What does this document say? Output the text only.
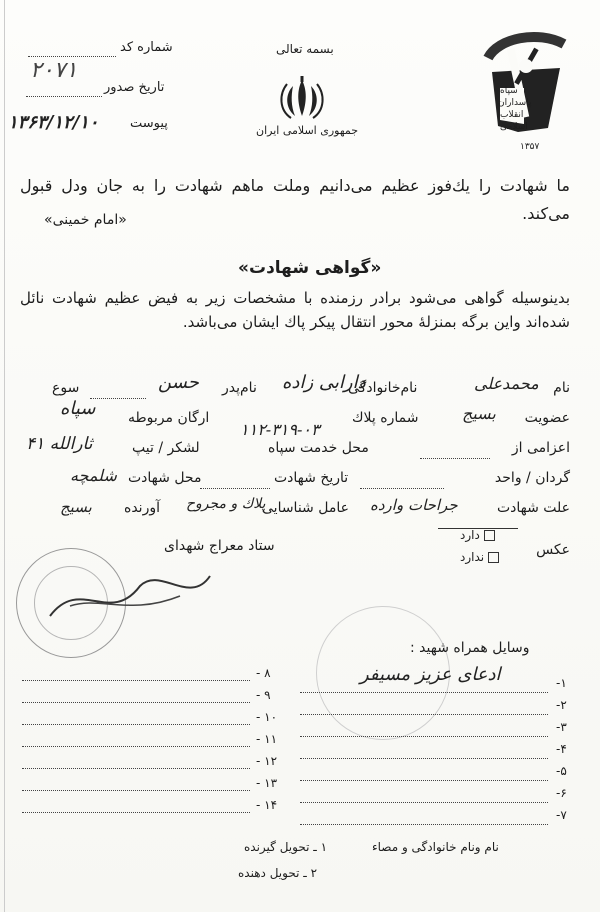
شماره کد
۲۰۷۱
تاریخ صدور
۱۳۶۳/۱۲/۱۰ پیوست
بسمه تعالی
جمهوری اسلامی ایران
سپاه
پاسداران
انقلاب
اسلامی
۱۳۵۷
ما شهادت را یك‌فوز عظیم می‌دانیم وملت ماهم شهادت را به جان ودل قبول می‌کند.
«امام خمینی»
«گواهی شهادت»
بدینوسیله گواهی می‌شود برادر رزمنده با مشخصات زیر به فیض عظیم شهادت نائل شده‌اند واین برگه بمنزلهٔ محور انتقال پیکر پاك ایشان می‌باشد.
نام
محمدعلی
نام‌خانوادگی
دارابی زاده
نام‌پدر
حسن
سوع
عضویت
بسیج
شماره پلاك
۱۱۲-۳۱۹-۰۳
ارگان مربوطه
سپاه
اعزامی از
محل خدمت سپاه
لشکر / تیپ
۴۱ ثارالله
گردان / واحد
تاریخ شهادت
محل شهادت
شلمچه
علت شهادت
جراحات وارده
عامل شناسایی
پلاك و مجروح
آورنده
بسیج
عکس
دارد
ندارد
ستاد معراج شهدای
وسایل همراه شهید :
۱-
ادعای عزیز مسیفر
۲-
۳-
۴-
۵-
۶-
۷-
۸ -
۹ -
۱۰ -
۱۱ -
۱۲ -
۱۳ -
۱۴ -
نام ونام خانوادگی و مصاء
۱ ـ تحویل گیرنده
۲ ـ تحویل دهنده
